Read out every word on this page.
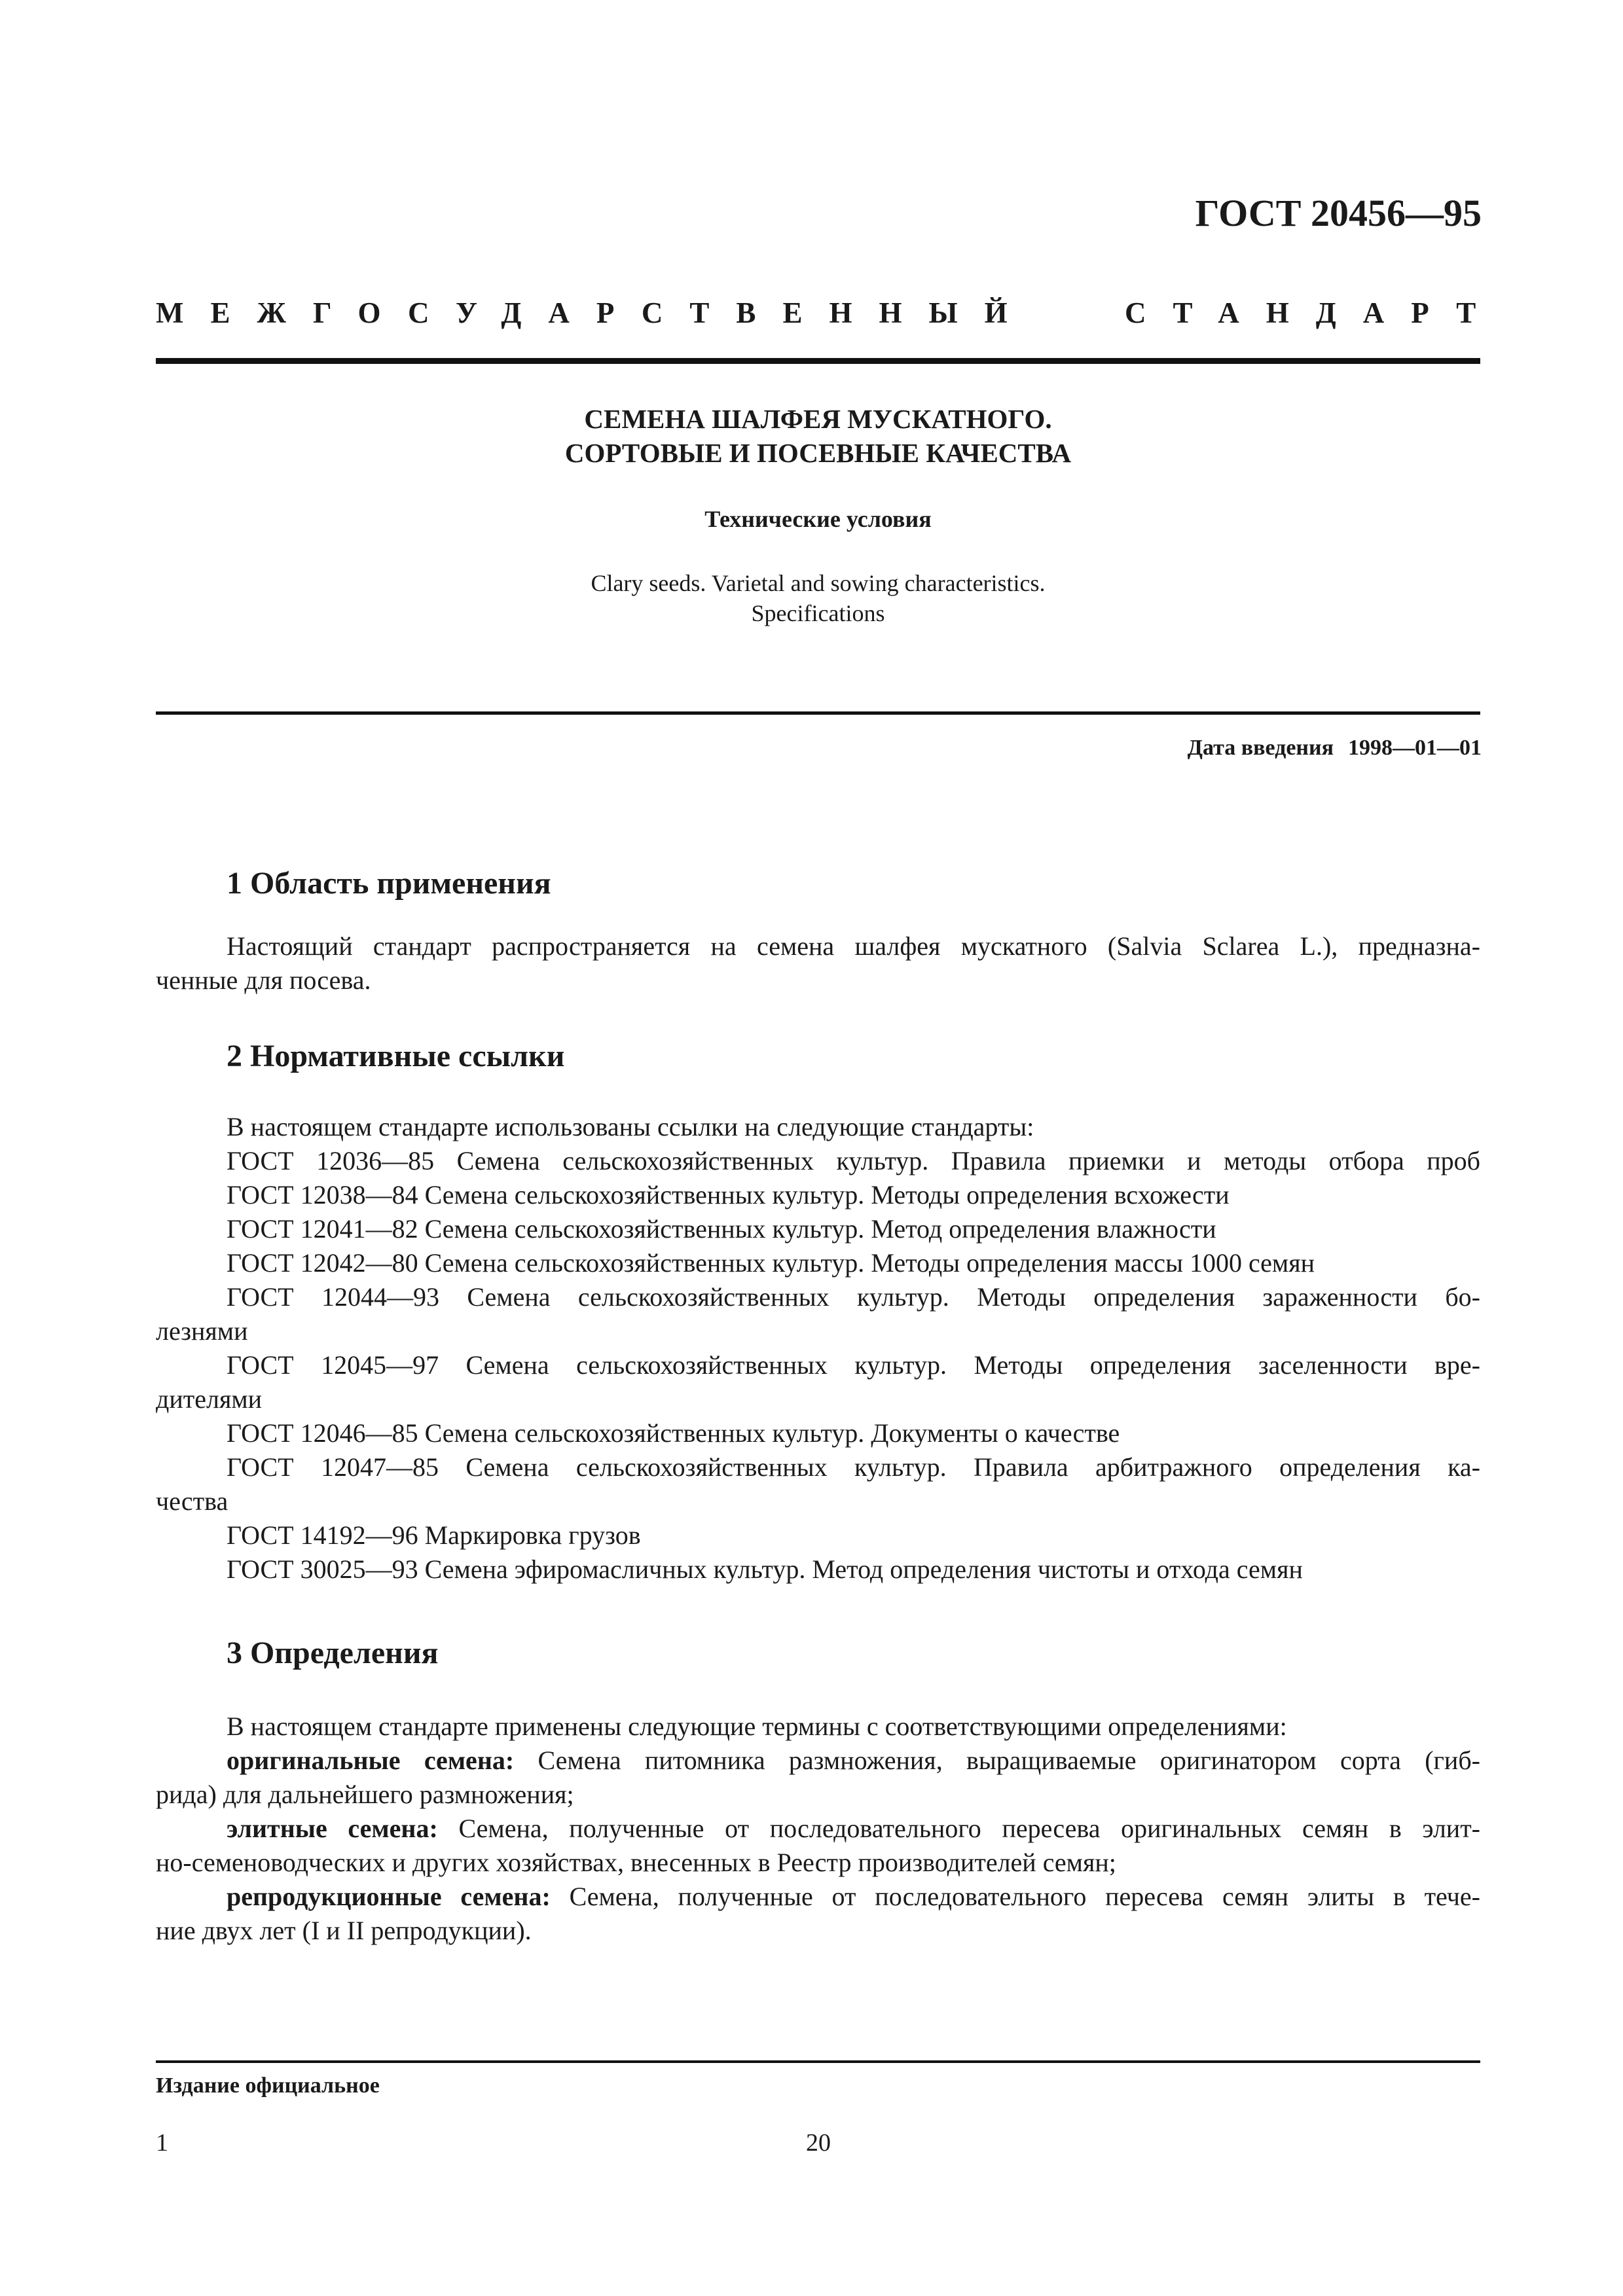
ГОСТ 20456—95
МЕЖГОСУДАРСТВЕННЫЙ	СТАНДАРТ
СЕМЕНА ШАЛФЕЯ МУСКАТНОГО.
СОРТОВЫЕ И ПОСЕВНЫЕ КАЧЕСТВА
Технические условия
Clary seeds. Varietal and sowing characteristics.
Specifications
Дата введения 1998—01—01
1 Область применения
Настоящий стандарт распространяется на семена шалфея мускатного (Salvia Sclarea L.), предназна-
ченные для посева.
2 Нормативные ссылки
В настоящем стандарте использованы ссылки на следующие стандарты:
ГОСТ 12036—85 Семена сельскохозяйственных культур. Правила приемки и методы отбора проб
ГОСТ 12038—84 Семена сельскохозяйственных культур. Методы определения всхожести
ГОСТ 12041—82 Семена сельскохозяйственных культур. Метод определения влажности
ГОСТ 12042—80 Семена сельскохозяйственных культур. Методы определения массы 1000 семян
ГОСТ 12044—93 Семена сельскохозяйственных культур. Методы определения зараженности бо-
лезнями
ГОСТ 12045—97 Семена сельскохозяйственных культур. Методы определения заселенности вре-
дителями
ГОСТ 12046—85 Семена сельскохозяйственных культур. Документы о качестве
ГОСТ 12047—85 Семена сельскохозяйственных культур. Правила арбитражного определения ка-
чества
ГОСТ 14192—96 Маркировка грузов
ГОСТ 30025—93 Семена эфиромасличных культур. Метод определения чистоты и отхода семян
3 Определения
В настоящем стандарте применены следующие термины с соответствующими определениями:
оригинальные семена: Семена питомника размножения, выращиваемые оригинатором сорта (гиб-
рида) для дальнейшего размножения;
элитные семена: Семена, полученные от последовательного пересева оригинальных семян в элит-
но-семеноводческих и других хозяйствах, внесенных в Реестр производителей семян;
репродукционные семена: Семена, полученные от последовательного пересева семян элиты в тече-
ние двух лет (I и II репродукции).
Издание официальное
1	20
